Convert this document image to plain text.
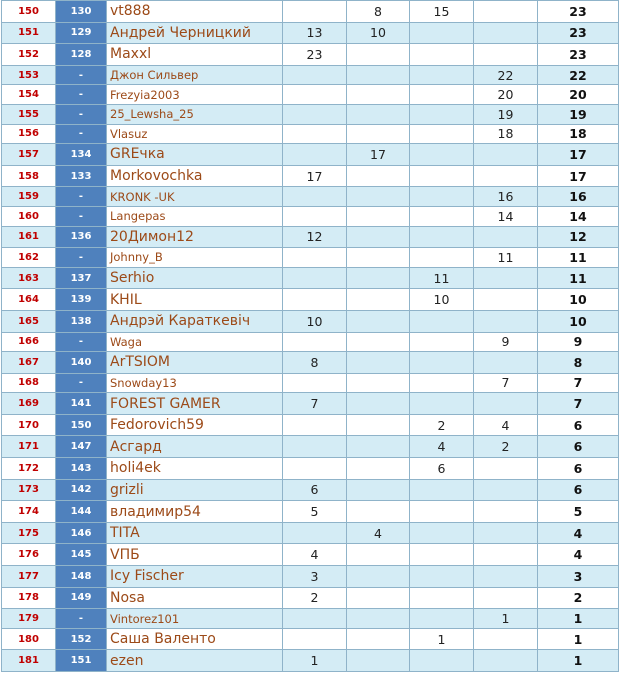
150	130	vt888		8	15		23
151	129	Андрей Черницкий	13	10			23
152	128	Maxxl	23				23
153	-	Джон Сильвер				22	22
154	-	Frezyia2003				20	20
155	-	25_Lewsha_25				19	19
156	-	Vlasuz				18	18
157	134	GREчка		17			17
158	133	Morkovochka	17				17
159	-	KRONK -UK				16	16
160	-	Langepas				14	14
161	136	20Димон12	12				12
162	-	Johnny_B				11	11
163	137	Serhio			11		11
164	139	KHIL			10		10
165	138	Андрэй Караткевіч	10				10
166	-	Waga				9	9
167	140	ArTSIOM	8				8
168	-	Snowday13				7	7
169	141	FOREST GAMER	7				7
170	150	Fedorovich59			2	4	6
171	147	Асгард			4	2	6
172	143	holi4ek			6		6
173	142	grizli	6				6
174	144	владимир54	5				5
175	146	TITA		4			4
176	145	VПБ	4				4
177	148	Icy Fischer	3				3
178	149	Nosa	2				2
179	-	Vintorez101				1	1
180	152	Саша Валенто			1		1
181	151	ezen	1				1
